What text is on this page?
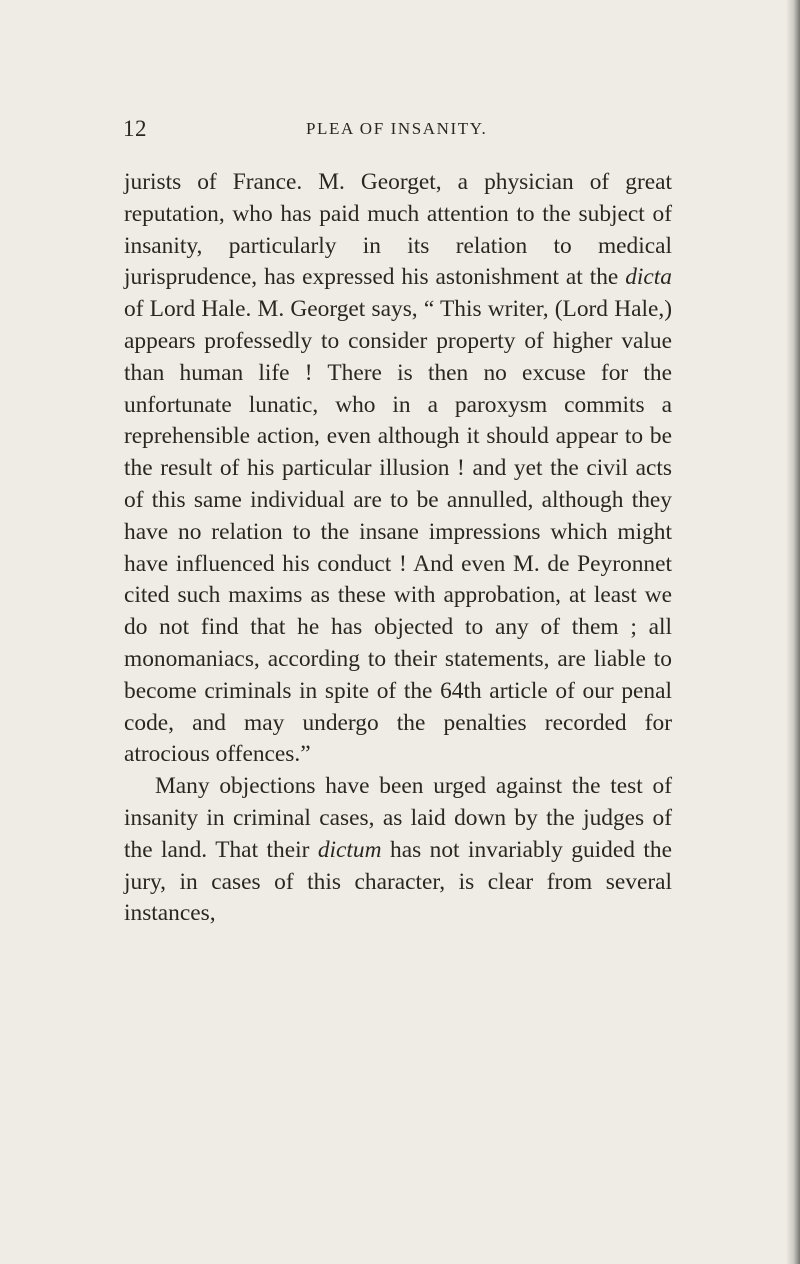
12	PLEA OF INSANITY.

jurists of France. M. Georget, a physician of great reputation, who has paid much attention to the subject of insanity, particularly in its relation to medical jurisprudence, has expressed his astonishment at the dicta of Lord Hale. M. Georget says, “ This writer, (Lord Hale,) appears professedly to consider property of higher value than human life ! There is then no excuse for the unfortunate lunatic, who in a paroxysm commits a reprehensible action, even although it should appear to be the result of his particular illusion ! and yet the civil acts of this same individual are to be annulled, although they have no relation to the insane impressions which might have influenced his conduct ! And even M. de Peyronnet cited such maxims as these with approbation, at least we do not find that he has objected to any of them ; all monomaniacs, according to their statements, are liable to become criminals in spite of the 64th article of our penal code, and may undergo the penalties recorded for atrocious offences.”

Many objections have been urged against the test of insanity in criminal cases, as laid down by the judges of the land. That their dictum has not invariably guided the jury, in cases of this character, is clear from several instances,
